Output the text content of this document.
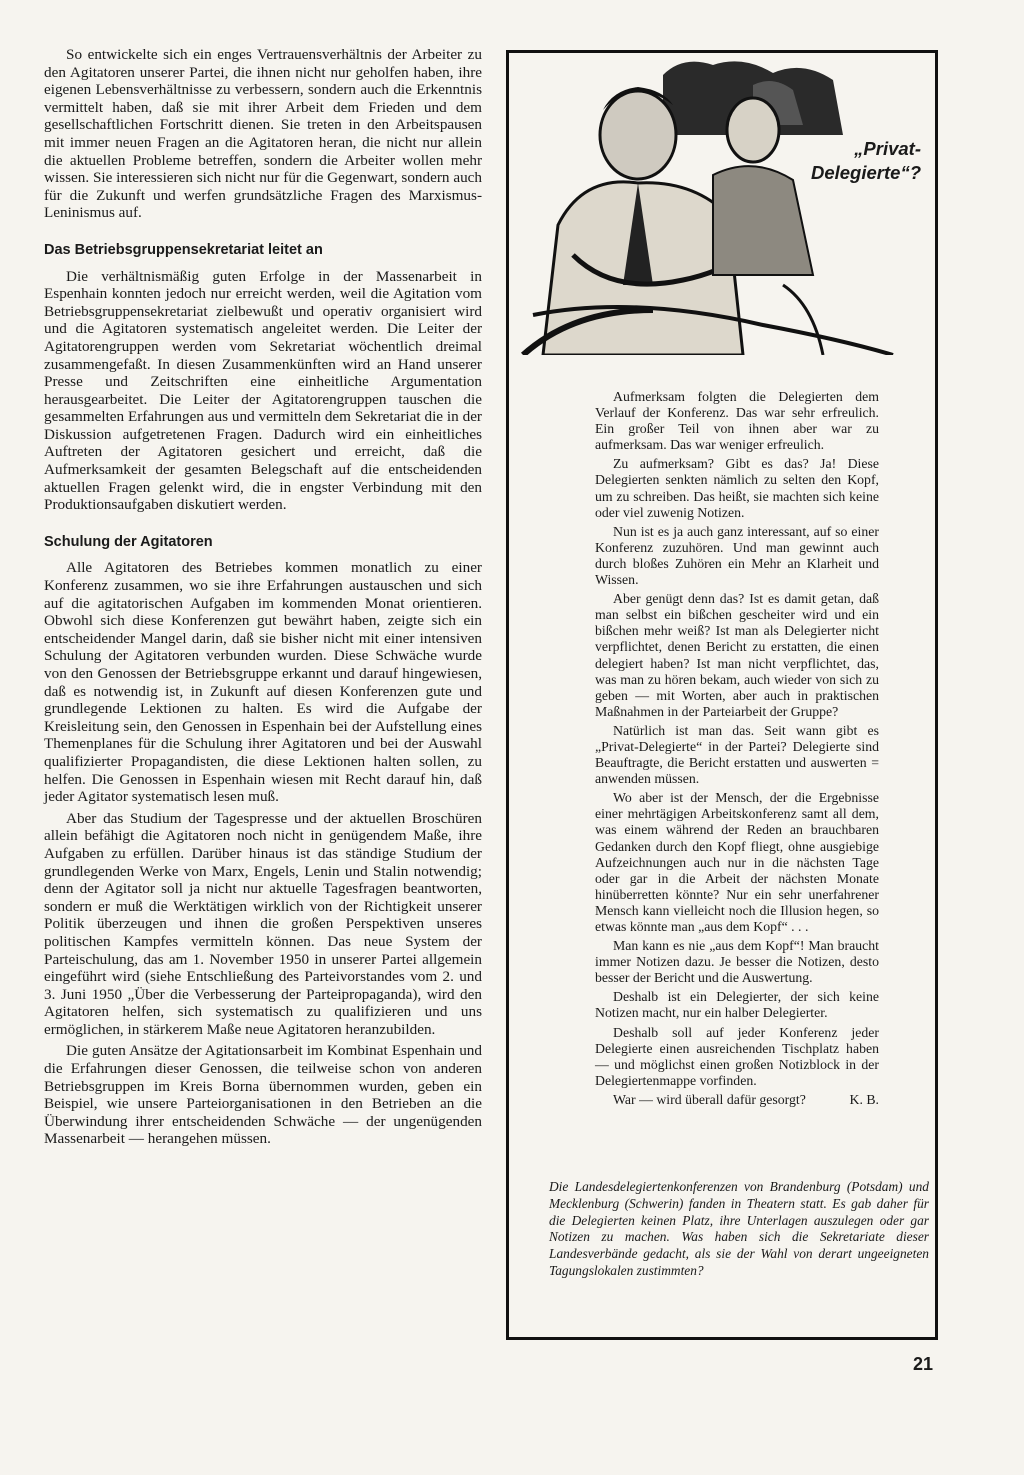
So entwickelte sich ein enges Vertrauensverhältnis der Arbeiter zu den Agitatoren unserer Partei, die ihnen nicht nur geholfen haben, ihre eigenen Lebensverhältnisse zu verbessern, sondern auch die Erkenntnis vermittelt haben, daß sie mit ihrer Arbeit dem Frieden und dem gesellschaftlichen Fortschritt dienen. Sie treten in den Arbeitspausen mit immer neuen Fragen an die Agitatoren heran, die nicht nur allein die aktuellen Probleme betreffen, sondern die Arbeiter wollen mehr wissen. Sie interessieren sich nicht nur für die Gegenwart, sondern auch für die Zukunft und werfen grundsätzliche Fragen des Marxismus-Leninismus auf.

Das Betriebsgruppensekretariat leitet an

Die verhältnismäßig guten Erfolge in der Massenarbeit in Espenhain konnten jedoch nur erreicht werden, weil die Agitation vom Betriebsgruppensekretariat zielbewußt und operativ organisiert wird und die Agitatoren systematisch angeleitet werden. Die Leiter der Agitatorengruppen werden vom Sekretariat wöchentlich dreimal zusammengefaßt. In diesen Zusammenkünften wird an Hand unserer Presse und Zeitschriften eine einheitliche Argumentation herausgearbeitet. Die Leiter der Agitatorengruppen tauschen die gesammelten Erfahrungen aus und vermitteln dem Sekretariat die in der Diskussion aufgetretenen Fragen. Dadurch wird ein einheitliches Auftreten der Agitatoren gesichert und erreicht, daß die Aufmerksamkeit der gesamten Belegschaft auf die entscheidenden aktuellen Fragen gelenkt wird, die in engster Verbindung mit den Produktionsaufgaben diskutiert werden.

Schulung der Agitatoren

Alle Agitatoren des Betriebes kommen monatlich zu einer Konferenz zusammen, wo sie ihre Erfahrungen austauschen und sich auf die agitatorischen Aufgaben im kommenden Monat orientieren. Obwohl sich diese Konferenzen gut bewährt haben, zeigte sich ein entscheidender Mangel darin, daß sie bisher nicht mit einer intensiven Schulung der Agitatoren verbunden wurden. Diese Schwäche wurde von den Genossen der Betriebsgruppe erkannt und darauf hingewiesen, daß es notwendig ist, in Zukunft auf diesen Konferenzen gute und grundlegende Lektionen zu halten. Es wird die Aufgabe der Kreisleitung sein, den Genossen in Espenhain bei der Aufstellung eines Themenplanes für die Schulung ihrer Agitatoren und bei der Auswahl qualifizierter Propagandisten, die diese Lektionen halten sollen, zu helfen. Die Genossen in Espenhain wiesen mit Recht darauf hin, daß jeder Agitator systematisch lesen muß.

Aber das Studium der Tagespresse und der aktuellen Broschüren allein befähigt die Agitatoren noch nicht in genügendem Maße, ihre Aufgaben zu erfüllen. Darüber hinaus ist das ständige Studium der grundlegenden Werke von Marx, Engels, Lenin und Stalin notwendig; denn der Agitator soll ja nicht nur aktuelle Tagesfragen beantworten, sondern er muß die Werktätigen wirklich von der Richtigkeit unserer Politik überzeugen und ihnen die großen Perspektiven unseres politischen Kampfes vermitteln können. Das neue System der Parteischulung, das am 1. November 1950 in unserer Partei allgemein eingeführt wird (siehe Entschließung des Parteivorstandes vom 2. und 3. Juni 1950 „Über die Verbesserung der Parteipropaganda), wird den Agitatoren helfen, sich systematisch zu qualifizieren und uns ermöglichen, in stärkerem Maße neue Agitatoren heranzubilden.

Die guten Ansätze der Agitationsarbeit im Kombinat Espenhain und die Erfahrungen dieser Genossen, die teilweise schon von anderen Betriebsgruppen im Kreis Borna übernommen wurden, geben ein Beispiel, wie unsere Parteiorganisationen in den Betrieben an die Überwindung ihrer entscheidenden Schwäche — der ungenügenden Massenarbeit — herangehen müssen.

„Privat-
Delegierte“?

Aufmerksam folgten die Delegierten dem Verlauf der Konferenz. Das war sehr erfreulich. Ein großer Teil von ihnen aber war zu aufmerksam. Das war weniger erfreulich.

Zu aufmerksam? Gibt es das? Ja! Diese Delegierten senkten nämlich zu selten den Kopf, um zu schreiben. Das heißt, sie machten sich keine oder viel zuwenig Notizen.

Nun ist es ja auch ganz interessant, auf so einer Konferenz zuzuhören. Und man gewinnt auch durch bloßes Zuhören ein Mehr an Klarheit und Wissen.

Aber genügt denn das? Ist es damit getan, daß man selbst ein bißchen gescheiter wird und ein bißchen mehr weiß? Ist man als Delegierter nicht verpflichtet, denen Bericht zu erstatten, die einen delegiert haben? Ist man nicht verpflichtet, das, was man zu hören bekam, auch wieder von sich zu geben — mit Worten, aber auch in praktischen Maßnahmen in der Parteiarbeit der Gruppe?

Natürlich ist man das. Seit wann gibt es „Privat-Delegierte“ in der Partei? Delegierte sind Beauftragte, die Bericht erstatten und auswerten = anwenden müssen.

Wo aber ist der Mensch, der die Ergebnisse einer mehrtägigen Arbeitskonferenz samt all dem, was einem während der Reden an brauchbaren Gedanken durch den Kopf fliegt, ohne ausgiebige Aufzeichnungen auch nur in die nächsten Tage oder gar in die Arbeit der nächsten Monate hinüberretten könnte? Nur ein sehr unerfahrener Mensch kann vielleicht noch die Illusion hegen, so etwas könnte man „aus dem Kopf“ . . .

Man kann es nie „aus dem Kopf“! Man braucht immer Notizen dazu. Je besser die Notizen, desto besser der Bericht und die Auswertung.

Deshalb ist ein Delegierter, der sich keine Notizen macht, nur ein halber Delegierter.

Deshalb soll auf jeder Konferenz jeder Delegierte einen ausreichenden Tischplatz haben — und möglichst einen großen Notizblock in der Delegiertenmappe vorfinden.

War — wird überall dafür gesorgt?	K. B.

Die Landesdelegiertenkonferenzen von Brandenburg (Potsdam) und Mecklenburg (Schwerin) fanden in Theatern statt. Es gab daher für die Delegierten keinen Platz, ihre Unterlagen auszulegen oder gar Notizen zu machen. Was haben sich die Sekretariate dieser Landesverbände gedacht, als sie der Wahl von derart ungeeigneten Tagungslokalen zustimmten?
21
